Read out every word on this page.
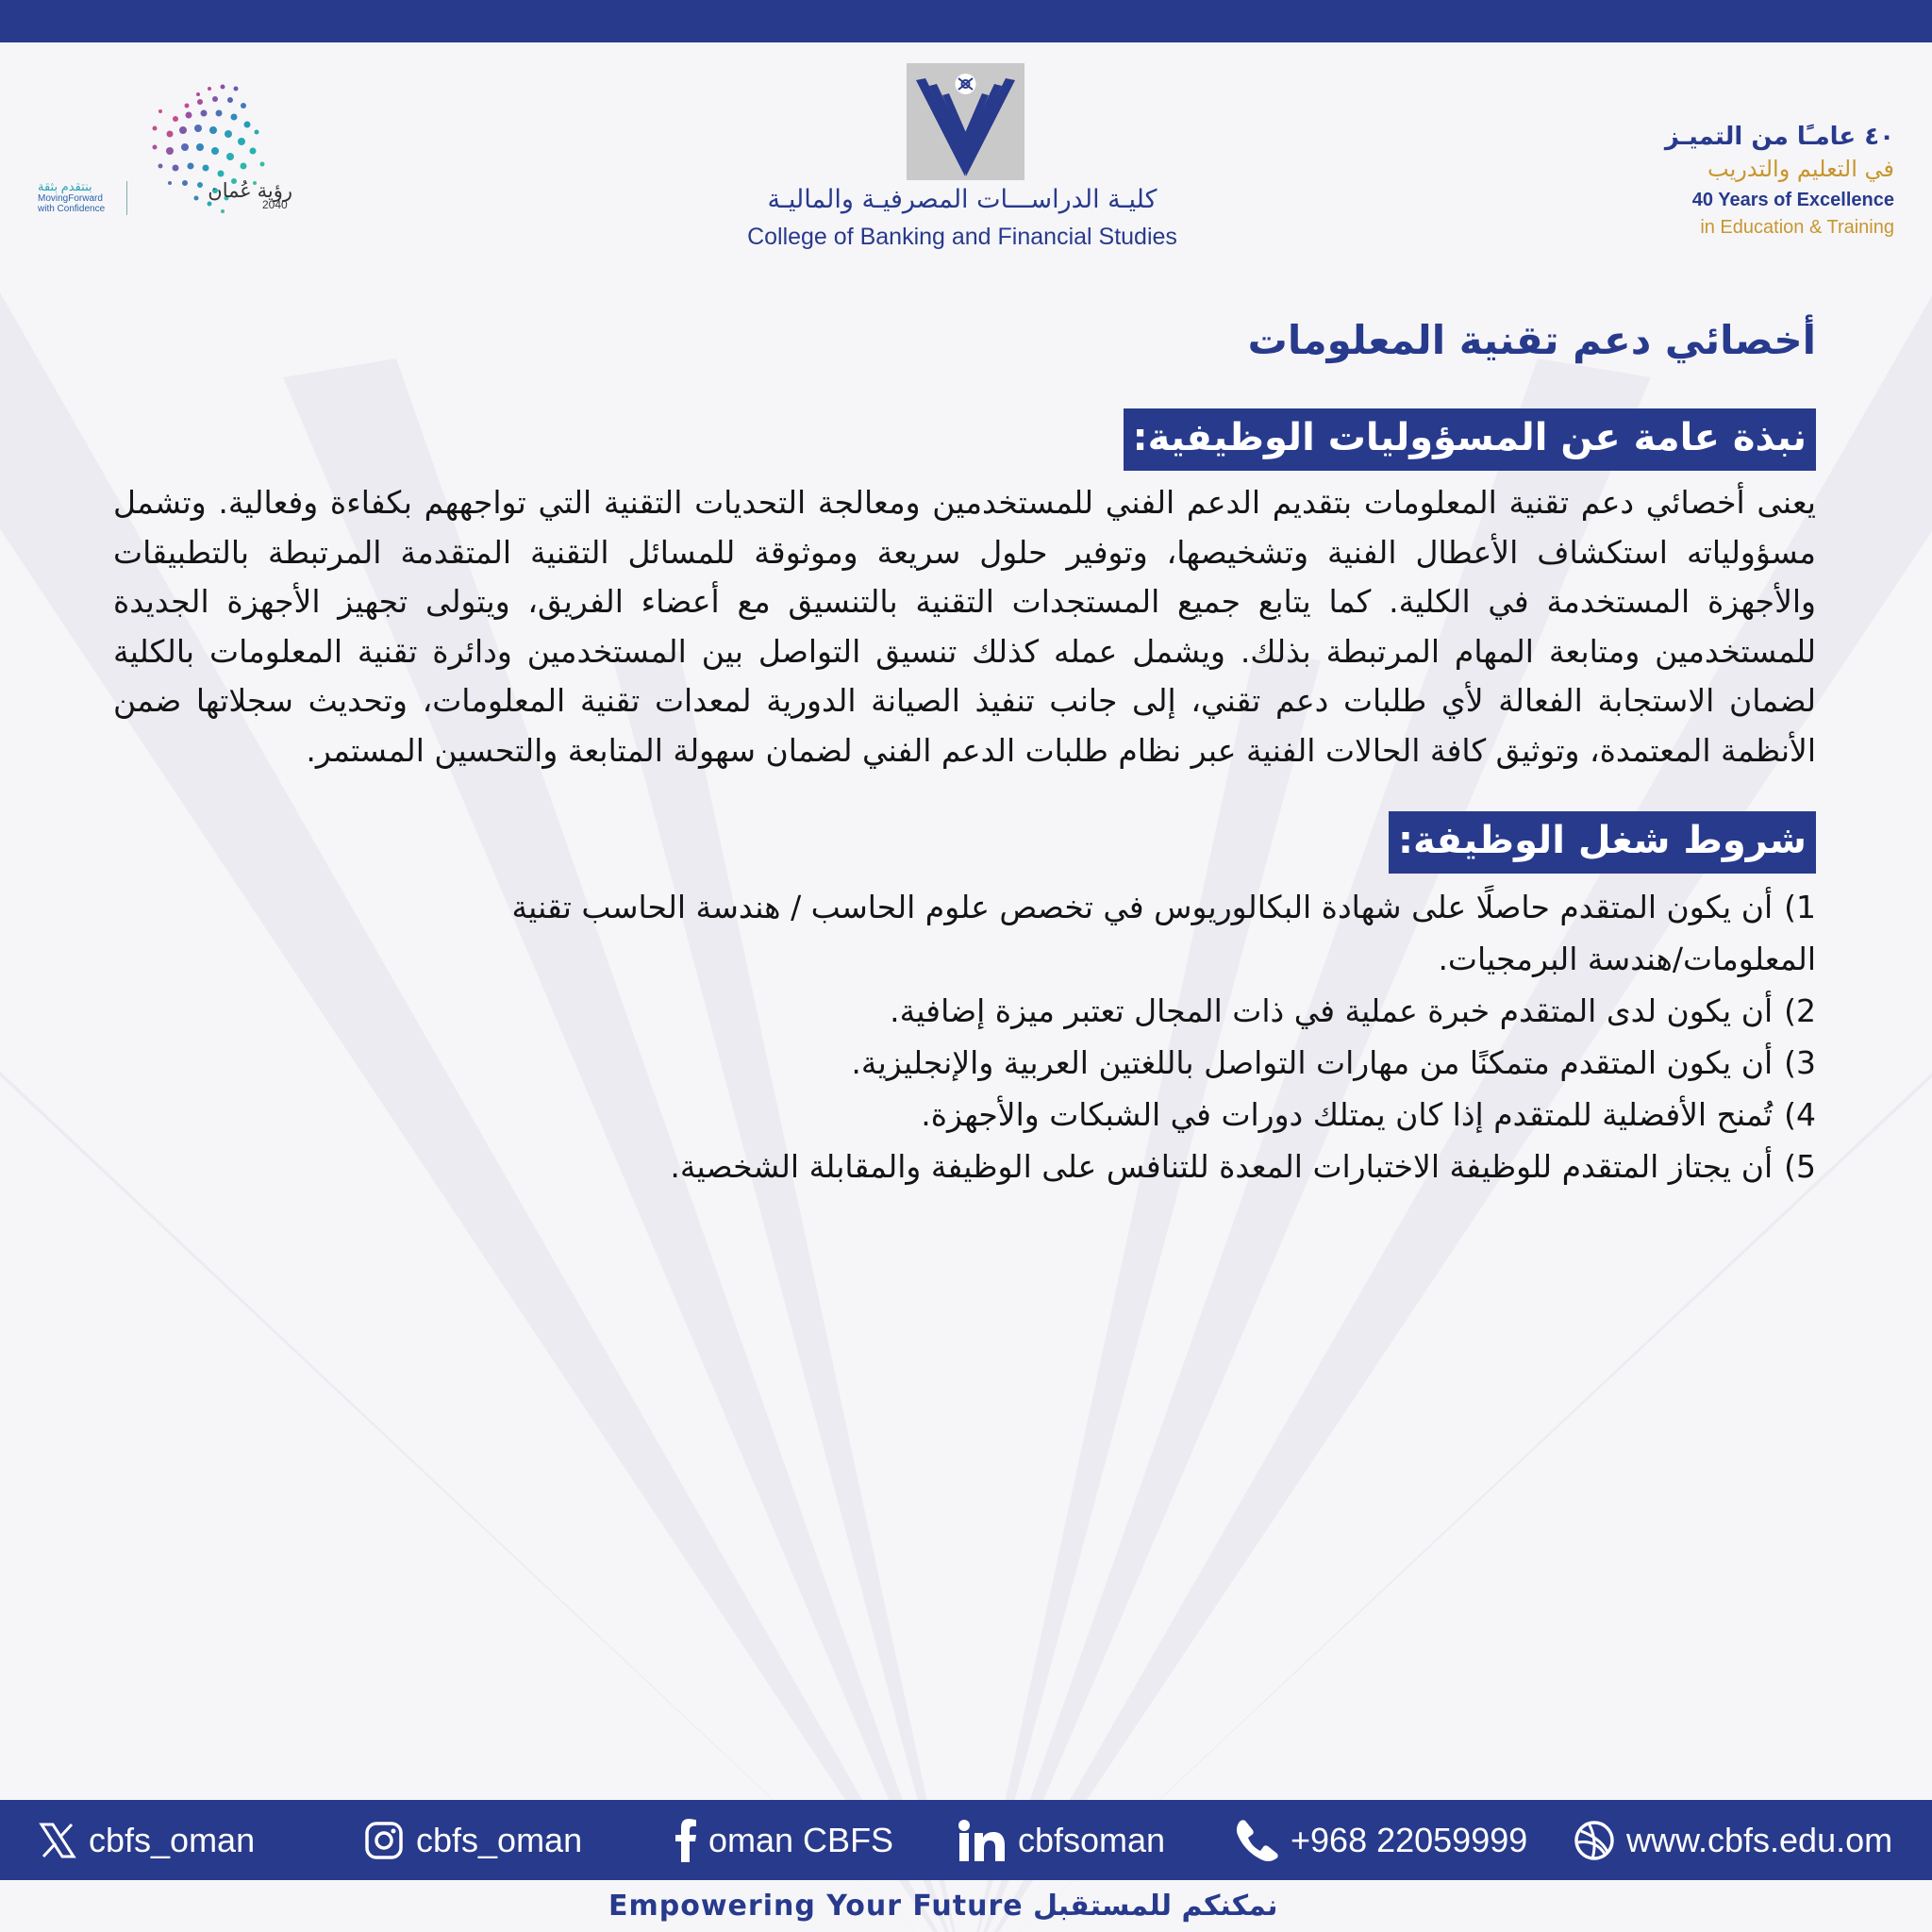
بنتقدم بثقة
MovingForward
with Confidence
رؤية عُمان
2040	كليـة الدراســـات المصرفيـة والماليـة
College of Banking and Financial Studies
٤٠ عامـًا من التميـز
في التعليم والتدريب
40 Years of Excellence
in Education & Training
أخصائي دعم تقنية المعلومات
نبذة عامة عن المسؤوليات الوظيفية:

يعنى أخصائي دعم تقنية المعلومات بتقديم الدعم الفني للمستخدمين ومعالجة التحديات التقنية التي تواجههم بكفاءة وفعالية. وتشمل مسؤولياته استكشاف الأعطال الفنية وتشخيصها، وتوفير حلول سريعة وموثوقة للمسائل التقنية المتقدمة المرتبطة بالتطبيقات والأجهزة المستخدمة في الكلية. كما يتابع جميع المستجدات التقنية بالتنسيق مع أعضاء الفريق، ويتولى تجهيز الأجهزة الجديدة للمستخدمين ومتابعة المهام المرتبطة بذلك. ويشمل عمله كذلك تنسيق التواصل بين المستخدمين ودائرة تقنية المعلومات بالكلية لضمان الاستجابة الفعالة لأي طلبات دعم تقني، إلى جانب تنفيذ الصيانة الدورية لمعدات تقنية المعلومات، وتحديث سجلاتها ضمن الأنظمة المعتمدة، وتوثيق كافة الحالات الفنية عبر نظام طلبات الدعم الفني لضمان سهولة المتابعة والتحسين المستمر.

شروط شغل الوظيفة:
1)أن يكون المتقدم حاصلًا على شهادة البكالوريوس في تخصص علوم الحاسب / هندسة الحاسب تقنية المعلومات/هندسة البرمجيات.
2)أن يكون لدى المتقدم خبرة عملية في ذات المجال تعتبر ميزة إضافية.
3)أن يكون المتقدم متمكنًا من مهارات التواصل باللغتين العربية والإنجليزية.
4)تُمنح الأفضلية للمتقدم إذا كان يمتلك دورات في الشبكات والأجهزة.
5)أن يجتاز المتقدم للوظيفة الاختبارات المعدة للتنافس على الوظيفة والمقابلة الشخصية.
cbfs_oman	cbfs_oman	oman CBFS	cbfsoman	+968 22059999	www.cbfs.edu.om
Empowering Your Future نمكنكم للمستقبل
